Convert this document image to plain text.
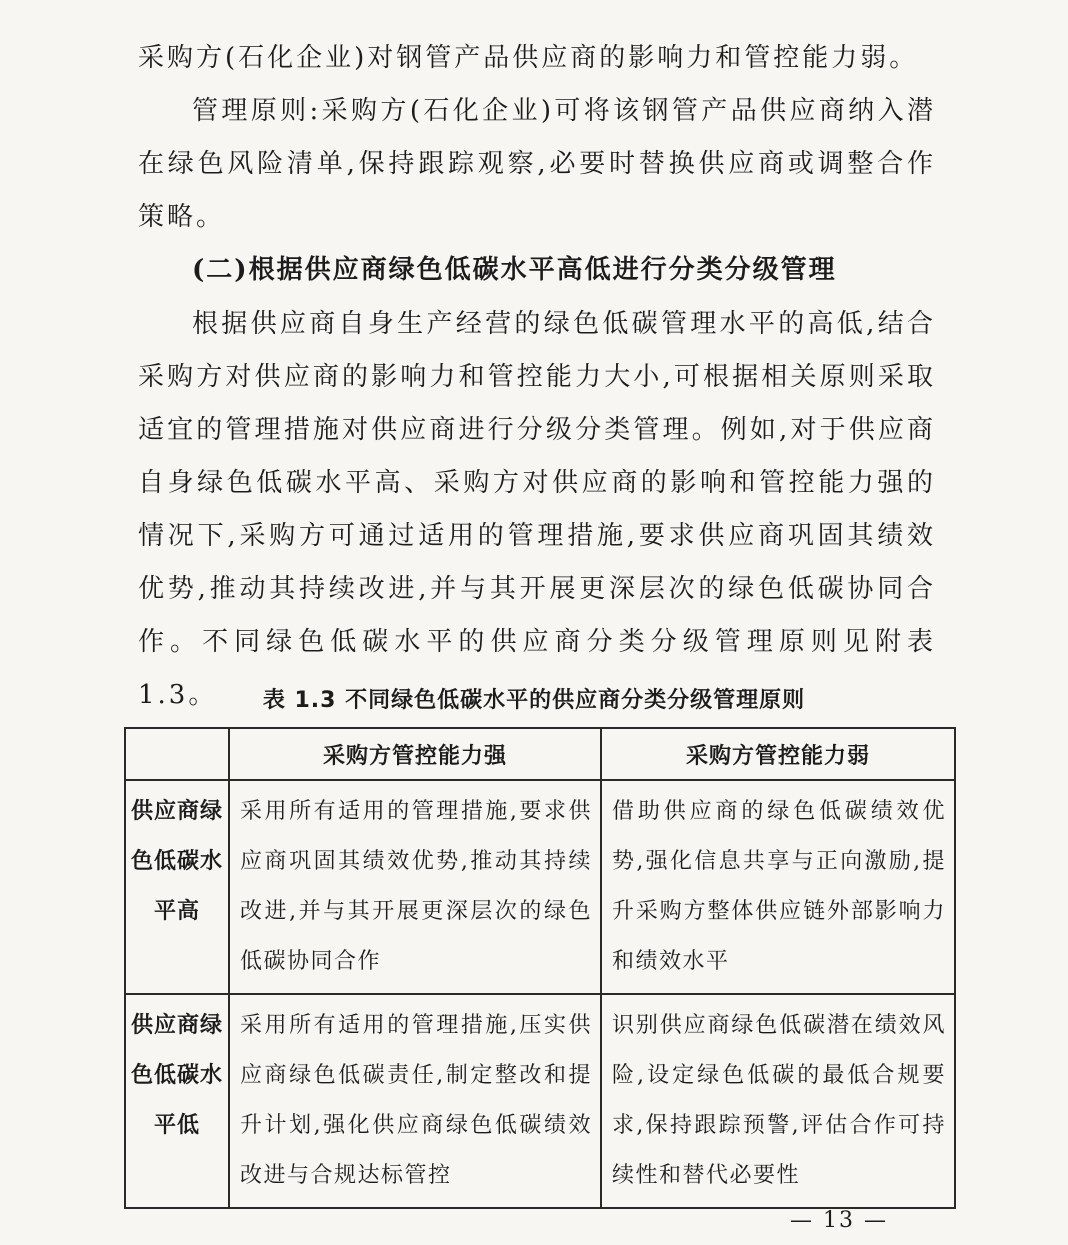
采购方(石化企业)对钢管产品供应商的影响力和管控能力弱。

管理原则:采购方(石化企业)可将该钢管产品供应商纳入潜在绿色风险清单,保持跟踪观察,必要时替换供应商或调整合作策略。

(二)根据供应商绿色低碳水平高低进行分类分级管理

根据供应商自身生产经营的绿色低碳管理水平的高低,结合采购方对供应商的影响力和管控能力大小,可根据相关原则采取适宜的管理措施对供应商进行分级分类管理。例如,对于供应商自身绿色低碳水平高、采购方对供应商的影响和管控能力强的情况下,采购方可通过适用的管理措施,要求供应商巩固其绩效优势,推动其持续改进,并与其开展更深层次的绿色低碳协同合作。不同绿色低碳水平的供应商分类分级管理原则见附表 1.3。	表 1.3 不同绿色低碳水平的供应商分类分级管理原则

	采购方管控能力强	采购方管控能力弱
供应商绿色低碳水平高	采用所有适用的管理措施,要求供应商巩固其绩效优势,推动其持续改进,并与其开展更深层次的绿色低碳协同合作	借助供应商的绿色低碳绩效优势,强化信息共享与正向激励,提升采购方整体供应链外部影响力和绩效水平
供应商绿色低碳水平低	采用所有适用的管理措施,压实供应商绿色低碳责任,制定整改和提升计划,强化供应商绿色低碳绩效改进与合规达标管控	识别供应商绿色低碳潜在绩效风险,设定绿色低碳的最低合规要求,保持跟踪预警,评估合作可持续性和替代必要性

— 13 —
